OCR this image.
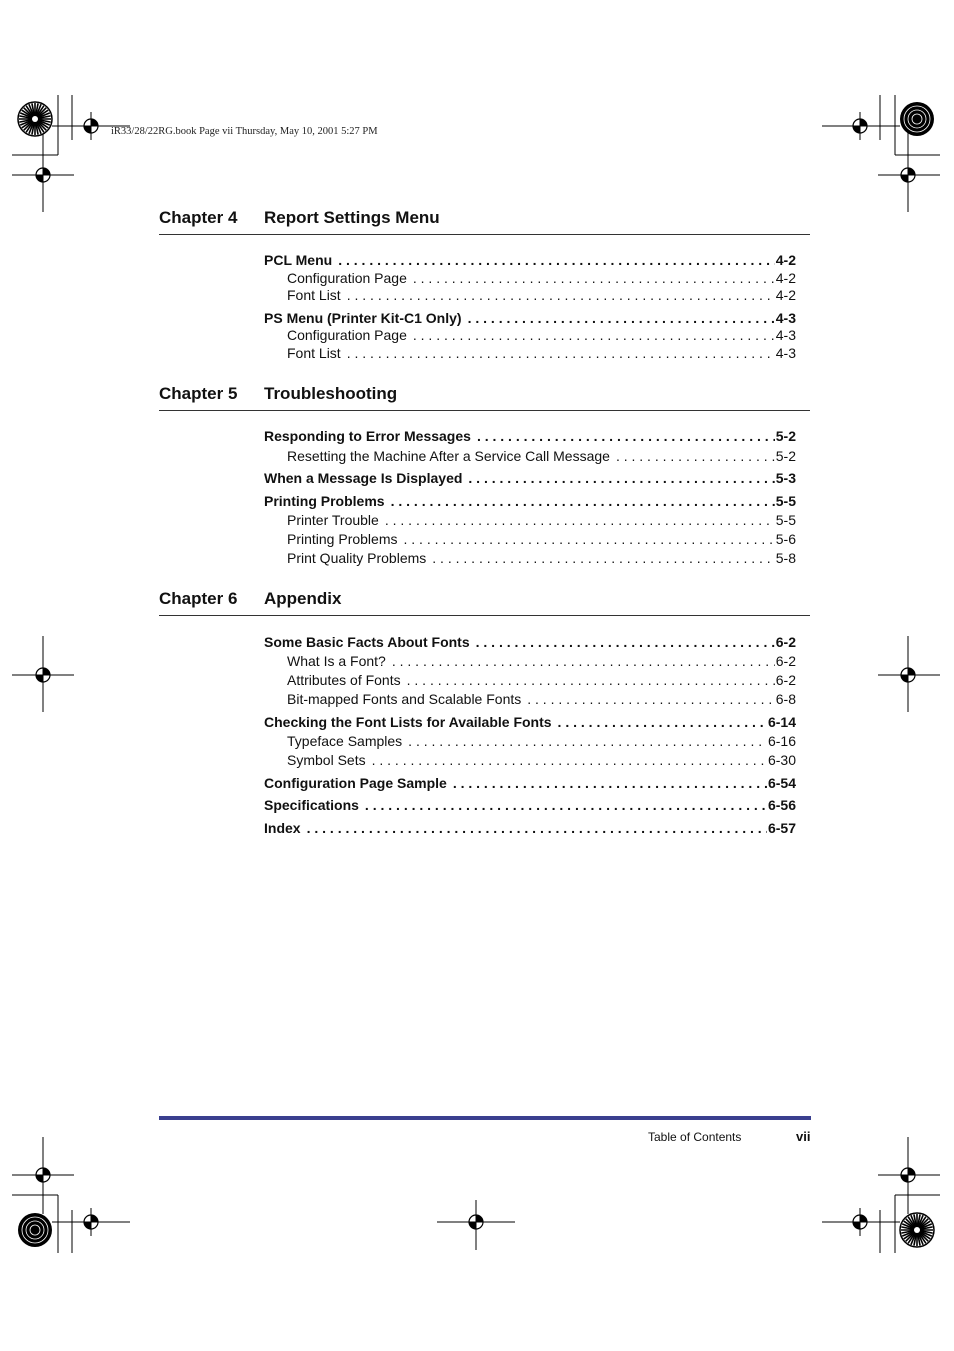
iR33/28/22RG.book Page vii Thursday, May 10, 2001 5:27 PM
Chapter 4 Report Settings Menu
PCL Menu . . .	4-2
Configuration Page . . .	4-2
Font List . . .	4-2
PS Menu (Printer Kit-C1 Only) . . .	4-3
Configuration Page . . .	4-3
Font List . . .	4-3
Chapter 5 Troubleshooting
Responding to Error Messages . . .	5-2
Resetting the Machine After a Service Call Message . . .	5-2
When a Message Is Displayed . . .	5-3
Printing Problems . . .	5-5
Printer Trouble . . .	5-5
Printing Problems . . .	5-6
Print Quality Problems . . .	5-8
Chapter 6 Appendix
Some Basic Facts About Fonts . . .	6-2
What Is a Font? . . .	6-2
Attributes of Fonts . . .	6-2
Bit-mapped Fonts and Scalable Fonts . . .	6-8
Checking the Font Lists for Available Fonts . . .	6-14
Typeface Samples . . .	6-16
Symbol Sets . . .	6-30
Configuration Page Sample . . .	6-54
Specifications . . .	6-56
Index . . .	6-57
Table of Contents	vii
